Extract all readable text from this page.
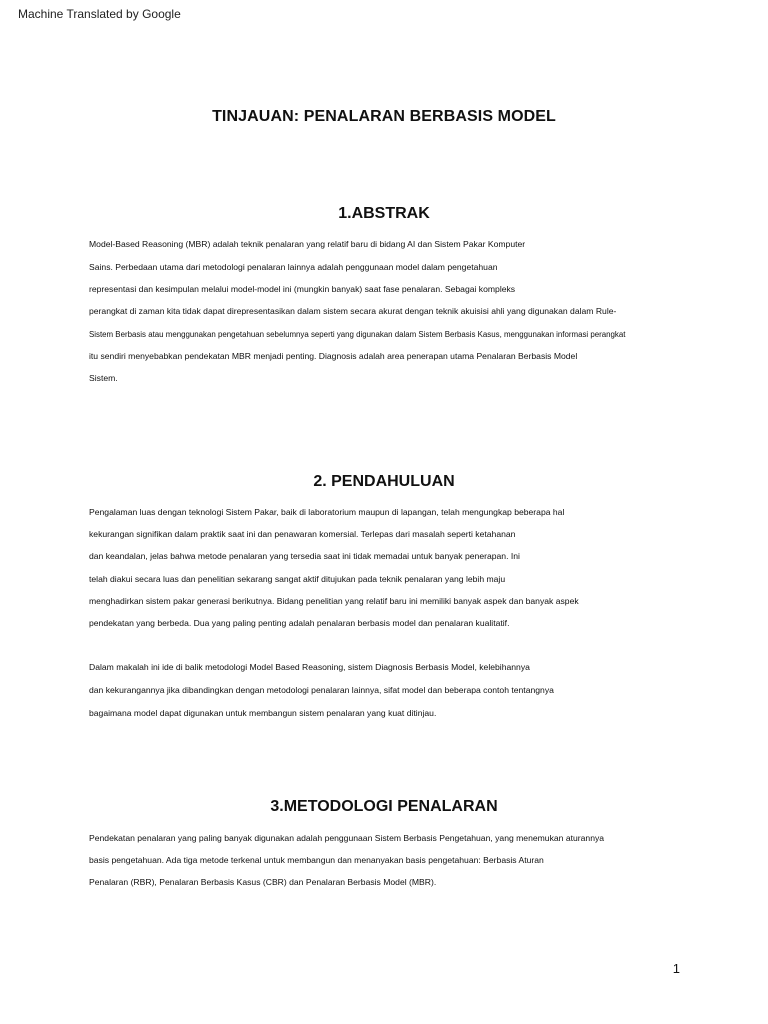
Machine Translated by Google
TINJAUAN: PENALARAN BERBASIS MODEL
1.ABSTRAK
Model-Based Reasoning (MBR) adalah teknik penalaran yang relatif baru di bidang AI dan Sistem Pakar Komputer
Sains. Perbedaan utama dari metodologi penalaran lainnya adalah penggunaan model dalam pengetahuan
representasi dan kesimpulan melalui model-model ini (mungkin banyak) saat fase penalaran. Sebagai kompleks
perangkat di zaman kita tidak dapat direpresentasikan dalam sistem secara akurat dengan teknik akuisisi ahli yang digunakan dalam Rule-
Sistem Berbasis atau menggunakan pengetahuan sebelumnya seperti yang digunakan dalam Sistem Berbasis Kasus, menggunakan informasi perangkat
itu sendiri menyebabkan pendekatan MBR menjadi penting. Diagnosis adalah area penerapan utama Penalaran Berbasis Model
Sistem.
2. PENDAHULUAN
Pengalaman luas dengan teknologi Sistem Pakar, baik di laboratorium maupun di lapangan, telah mengungkap beberapa hal
kekurangan signifikan dalam praktik saat ini dan penawaran komersial. Terlepas dari masalah seperti ketahanan
dan keandalan, jelas bahwa metode penalaran yang tersedia saat ini tidak memadai untuk banyak penerapan. Ini
telah diakui secara luas dan penelitian sekarang sangat aktif ditujukan pada teknik penalaran yang lebih maju
menghadirkan sistem pakar generasi berikutnya. Bidang penelitian yang relatif baru ini memiliki banyak aspek dan banyak aspek
pendekatan yang berbeda. Dua yang paling penting adalah penalaran berbasis model dan penalaran kualitatif.
Dalam makalah ini ide di balik metodologi Model Based Reasoning, sistem Diagnosis Berbasis Model, kelebihannya
dan kekurangannya jika dibandingkan dengan metodologi penalaran lainnya, sifat model dan beberapa contoh tentangnya
bagaimana model dapat digunakan untuk membangun sistem penalaran yang kuat ditinjau.
3.METODOLOGI PENALARAN
Pendekatan penalaran yang paling banyak digunakan adalah penggunaan Sistem Berbasis Pengetahuan, yang menemukan aturannya
basis pengetahuan. Ada tiga metode terkenal untuk membangun dan menanyakan basis pengetahuan: Berbasis Aturan
Penalaran (RBR), Penalaran Berbasis Kasus (CBR) dan Penalaran Berbasis Model (MBR).
1
